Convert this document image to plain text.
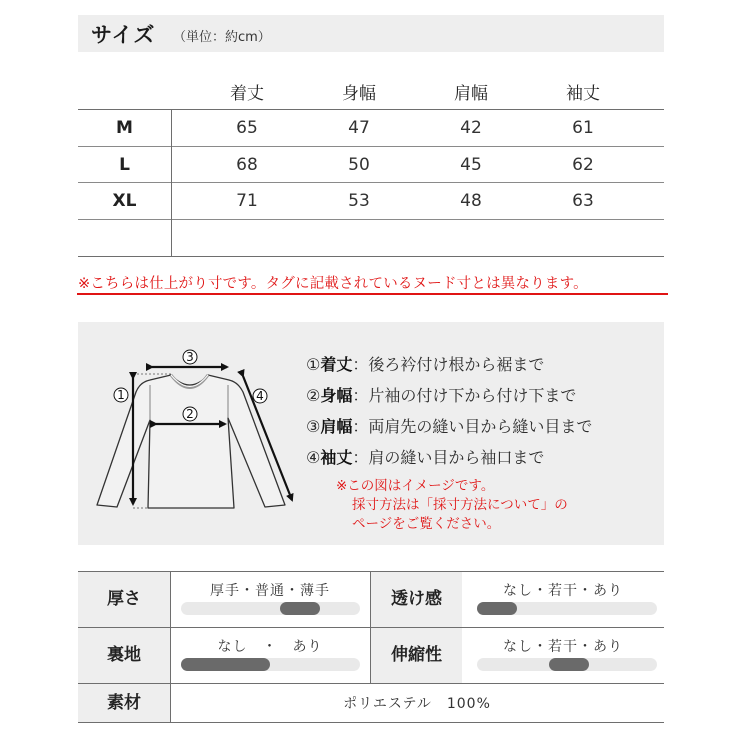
サイズ （単位：約cm）
着丈	身幅	肩幅	袖丈
M	65	47	42	61
L	68	50	45	62
XL	71	53	48	63
※こちらは仕上がり寸です。タグに記載されているヌード寸とは異なります。
3
1
2
4
①着丈：後ろ衿付け根から裾まで
②身幅：片袖の付け下から付け下まで
③肩幅：両肩先の縫い目から縫い目まで
④袖丈：肩の縫い目から袖口まで
※この図はイメージです。
採寸方法は「採寸方法について」の
ページをご覧ください。
厚さ	厚手・普通・薄手	透け感	なし・若干・あり
裏地	なし　・　あり	伸縮性	なし・若干・あり
素材	ポリエステル　100%
